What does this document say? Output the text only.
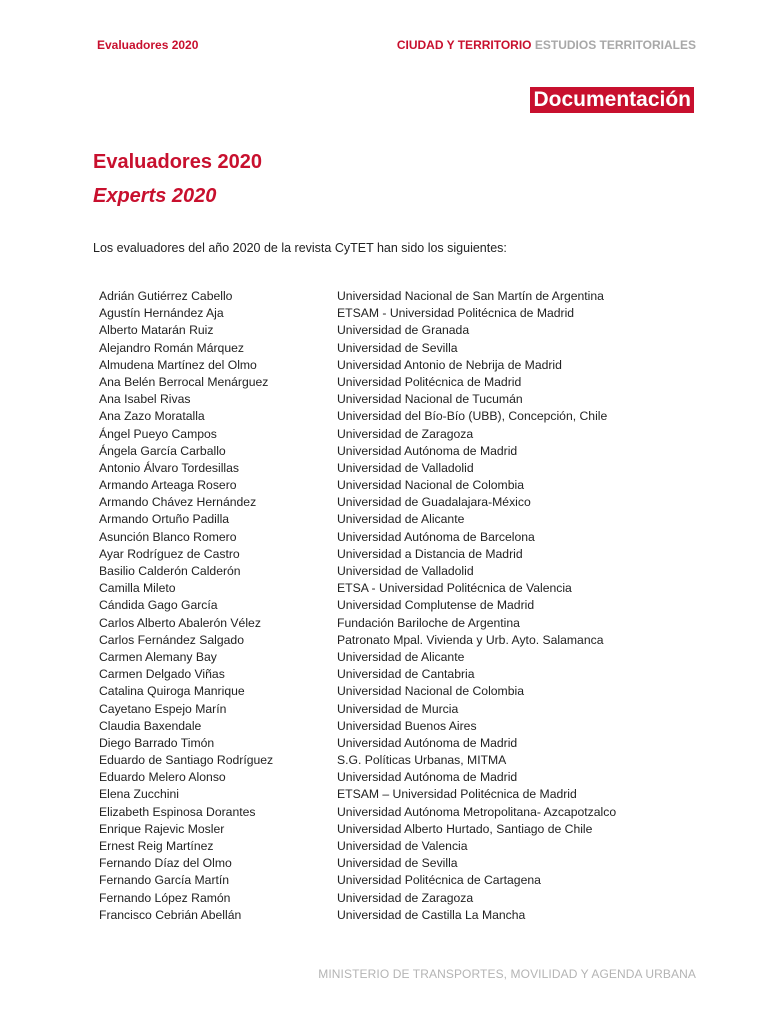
Evaluadores 2020	CIUDAD Y TERRITORIO ESTUDIOS TERRITORIALES
Documentación
Evaluadores 2020
Experts 2020
Los evaluadores del año 2020 de la revista CyTET han sido los siguientes:
Adrián Gutiérrez Cabello	Universidad Nacional de San Martín de Argentina
Agustín Hernández Aja	ETSAM - Universidad Politécnica de Madrid
Alberto Matarán Ruiz	Universidad de Granada
Alejandro Román Márquez	Universidad de Sevilla
Almudena Martínez del Olmo	Universidad Antonio de Nebrija de Madrid
Ana Belén Berrocal Menárguez	Universidad Politécnica de Madrid
Ana Isabel Rivas	Universidad Nacional de Tucumán
Ana Zazo Moratalla	Universidad del Bío-Bío (UBB), Concepción, Chile
Ángel Pueyo Campos	Universidad de Zaragoza
Ángela García Carballo	Universidad Autónoma de Madrid
Antonio Álvaro Tordesillas	Universidad de Valladolid
Armando Arteaga Rosero	Universidad Nacional de Colombia
Armando Chávez Hernández	Universidad de Guadalajara-México
Armando Ortuño Padilla	Universidad de Alicante
Asunción Blanco Romero	Universidad Autónoma de Barcelona
Ayar Rodríguez de Castro	Universidad a Distancia de Madrid
Basilio Calderón Calderón	Universidad de Valladolid
Camilla Mileto	ETSA - Universidad Politécnica de Valencia
Cándida Gago García	Universidad Complutense de Madrid
Carlos Alberto Abalerón Vélez	Fundación Bariloche de Argentina
Carlos Fernández Salgado	Patronato Mpal. Vivienda y Urb. Ayto. Salamanca
Carmen Alemany Bay	Universidad de Alicante
Carmen Delgado Viñas	Universidad de Cantabria
Catalina Quiroga Manrique	Universidad Nacional de Colombia
Cayetano Espejo Marín	Universidad de Murcia
Claudia Baxendale	Universidad Buenos Aires
Diego Barrado Timón	Universidad Autónoma de Madrid
Eduardo de Santiago Rodríguez	S.G. Políticas Urbanas, MITMA
Eduardo Melero Alonso	Universidad Autónoma de Madrid
Elena Zucchini	ETSAM – Universidad Politécnica de Madrid
Elizabeth Espinosa Dorantes	Universidad Autónoma Metropolitana- Azcapotzalco
Enrique Rajevic Mosler	Universidad Alberto Hurtado, Santiago de Chile
Ernest Reig Martínez	Universidad de Valencia
Fernando Díaz del Olmo	Universidad de Sevilla
Fernando García Martín	Universidad Politécnica de Cartagena
Fernando López Ramón	Universidad de Zaragoza
Francisco Cebrián Abellán	Universidad de Castilla La Mancha
MINISTERIO DE TRANSPORTES, MOVILIDAD Y AGENDA URBANA
